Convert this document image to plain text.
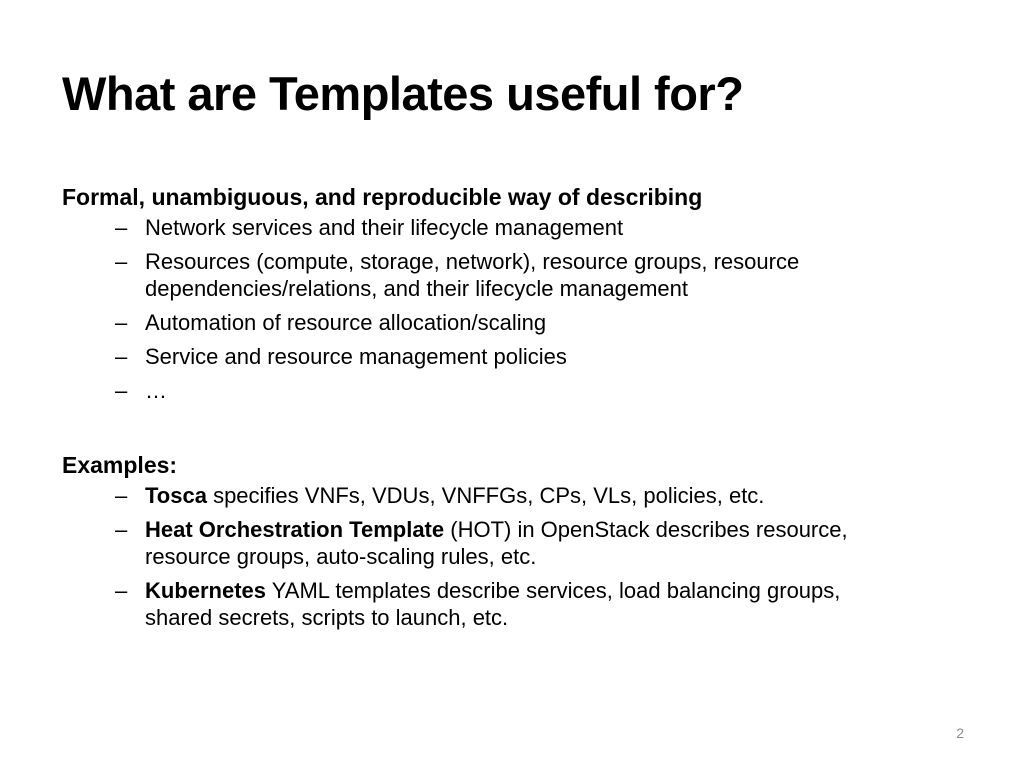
What are Templates useful for?

Formal, unambiguous, and reproducible way of describing

– Network services and their lifecycle management
– Resources (compute, storage, network), resource groups, resource
dependencies/relations, and their lifecycle management
– Automation of resource allocation/scaling
– Service and resource management policies
– …

Examples:

– Tosca specifies VNFs, VDUs, VNFFGs, CPs, VLs, policies, etc.
– Heat Orchestration Template (HOT) in OpenStack describes resource,
resource groups, auto-scaling rules, etc.
– Kubernetes YAML templates describe services, load balancing groups,
shared secrets, scripts to launch, etc.
2
